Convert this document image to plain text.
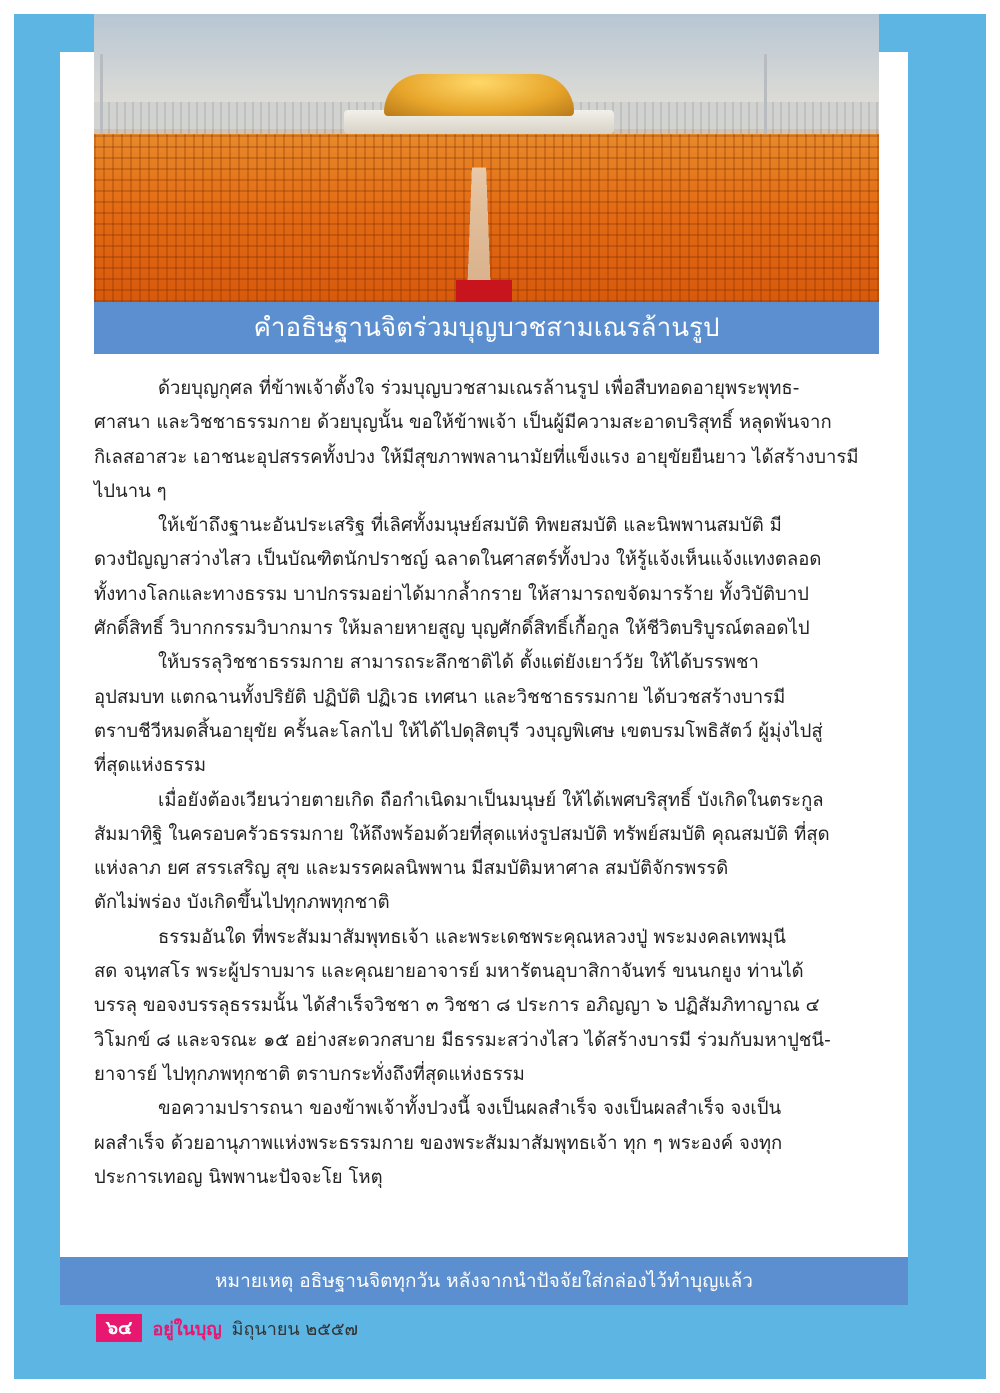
คำอธิษฐานจิตร่วมบุญบวชสามเณรล้านรูป

ด้วยบุญกุศล ที่ข้าพเจ้าตั้งใจ ร่วมบุญบวชสามเณรล้านรูป เพื่อสืบทอดอายุพระพุทธ-

ศาสนา และวิชชาธรรมกาย ด้วยบุญนั้น ขอให้ข้าพเจ้า เป็นผู้มีความสะอาดบริสุทธิ์ หลุดพ้นจาก

กิเลสอาสวะ เอาชนะอุปสรรคทั้งปวง ให้มีสุขภาพพลานามัยที่แข็งแรง อายุขัยยืนยาว ได้สร้างบารมี

ไปนาน ๆ

ให้เข้าถึงฐานะอันประเสริฐ ที่เลิศทั้งมนุษย์สมบัติ ทิพยสมบัติ และนิพพานสมบัติ มี

ดวงปัญญาสว่างไสว เป็นบัณฑิตนักปราชญ์ ฉลาดในศาสตร์ทั้งปวง ให้รู้แจ้งเห็นแจ้งแทงตลอด

ทั้งทางโลกและทางธรรม บาปกรรมอย่าได้มากล้ำกราย ให้สามารถขจัดมารร้าย ทั้งวิบัติบาป

ศักดิ์สิทธิ์ วิบากกรรมวิบากมาร ให้มลายหายสูญ บุญศักดิ์สิทธิ์เกื้อกูล ให้ชีวิตบริบูรณ์ตลอดไป

ให้บรรลุวิชชาธรรมกาย สามารถระลึกชาติได้ ตั้งแต่ยังเยาว์วัย ให้ได้บรรพชา

อุปสมบท แตกฉานทั้งปริยัติ ปฏิบัติ ปฏิเวธ เทศนา และวิชชาธรรมกาย ได้บวชสร้างบารมี

ตราบชีวีหมดสิ้นอายุขัย ครั้นละโลกไป ให้ได้ไปดุสิตบุรี วงบุญพิเศษ เขตบรมโพธิสัตว์ ผู้มุ่งไปสู่

ที่สุดแห่งธรรม

เมื่อยังต้องเวียนว่ายตายเกิด ถือกำเนิดมาเป็นมนุษย์ ให้ได้เพศบริสุทธิ์ บังเกิดในตระกูล

สัมมาทิฐิ ในครอบครัวธรรมกาย ให้ถึงพร้อมด้วยที่สุดแห่งรูปสมบัติ ทรัพย์สมบัติ คุณสมบัติ ที่สุด

แห่งลาภ ยศ สรรเสริญ สุข และมรรคผลนิพพาน มีสมบัติมหาศาล สมบัติจักรพรรดิ

ตักไม่พร่อง บังเกิดขึ้นไปทุกภพทุกชาติ

ธรรมอันใด ที่พระสัมมาสัมพุทธเจ้า และพระเดชพระคุณหลวงปู่ พระมงคลเทพมุนี

สด จนฺทสโร พระผู้ปราบมาร และคุณยายอาจารย์ มหารัตนอุบาสิกาจันทร์ ขนนกยูง ท่านได้

บรรลุ ขอจงบรรลุธรรมนั้น ได้สำเร็จวิชชา ๓ วิชชา ๘ ประการ อภิญญา ๖ ปฏิสัมภิทาญาณ ๔

วิโมกข์ ๘ และจรณะ ๑๕ อย่างสะดวกสบาย มีธรรมะสว่างไสว ได้สร้างบารมี ร่วมกับมหาปูชนี-

ยาจารย์ ไปทุกภพทุกชาติ ตราบกระทั่งถึงที่สุดแห่งธรรม

ขอความปรารถนา ของข้าพเจ้าทั้งปวงนี้ จงเป็นผลสำเร็จ จงเป็นผลสำเร็จ จงเป็น

ผลสำเร็จ ด้วยอานุภาพแห่งพระธรรมกาย ของพระสัมมาสัมพุทธเจ้า ทุก ๆ พระองค์ จงทุก

ประการเทอญ นิพพานะปัจจะโย โหตุ

หมายเหตุ อธิษฐานจิตทุกวัน หลังจากนำปัจจัยใส่กล่องไว้ทำบุญแล้ว
๖๔	อยู่ในบุญ มิถุนายน ๒๕๕๗
